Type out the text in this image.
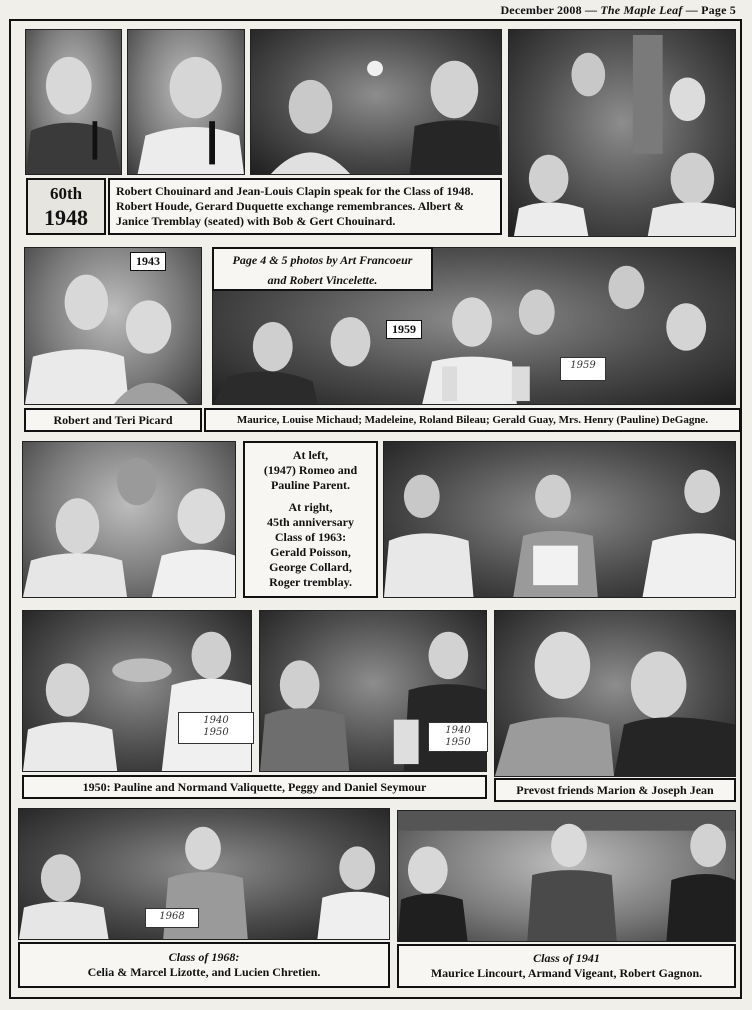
December 2008 — The Maple Leaf — Page 5
60th
1948
Robert Chouinard and Jean-Louis Clapin speak for the Class of 1948. Robert Houde, Gerard Duquette exchange remembrances. Albert & Janice Tremblay (seated) with Bob & Gert Chouinard.
1943	Page 4 & 5 photos by Art Francoeur
and Robert Vincelette.
1959
1959
Robert and Teri Picard	Maurice, Louise Michaud; Madeleine, Roland Bileau; Gerald Guay, Mrs. Henry (Pauline) DeGagne.
At left,
(1947) Romeo and
Pauline Parent.
At right,
45th anniversary
Class of 1963:
Gerald Poisson,
George Collard,
Roger tremblay.
1940
1950	1940
1950
1950: Pauline and Normand Valiquette, Peggy and Daniel Seymour	Prevost friends Marion & Joseph Jean
1968
Class of 1968:
Celia & Marcel Lizotte, and Lucien Chretien.
Class of 1941
Maurice Lincourt, Armand Vigeant, Robert Gagnon.
